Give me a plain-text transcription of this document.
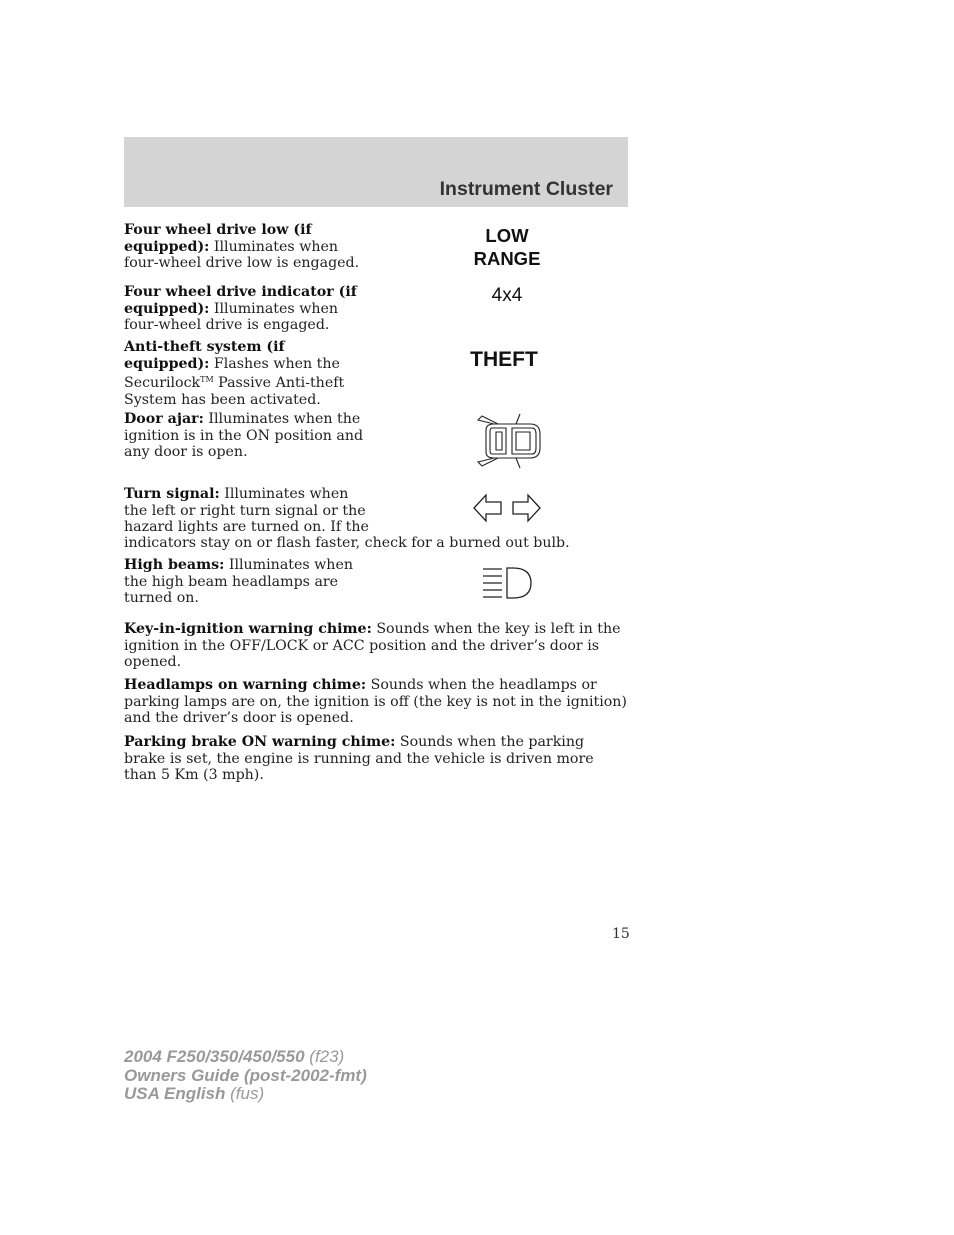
Instrument Cluster
Four wheel drive low (if equipped): Illuminates when four-wheel drive low is engaged.
LOW
RANGE
Four wheel drive indicator (if equipped): Illuminates when four-wheel drive is engaged.
4x4
Anti-theft system (if equipped): Flashes when the Securilock™ Passive Anti-theft System has been activated.
THEFT
Door ajar: Illuminates when the ignition is in the ON position and any door is open.
Turn signal: Illuminates when the left or right turn signal or the hazard lights are turned on. If the
indicators stay on or flash faster, check for a burned out bulb.
High beams: Illuminates when the high beam headlamps are turned on.
Key-in-ignition warning chime: Sounds when the key is left in the ignition in the OFF/LOCK or ACC position and the driver’s door is opened.
Headlamps on warning chime: Sounds when the headlamps or parking lamps are on, the ignition is off (the key is not in the ignition) and the driver’s door is opened.
Parking brake ON warning chime: Sounds when the parking brake is set, the engine is running and the vehicle is driven more than 5 Km (3 mph).
15
2004 F250/350/450/550 (f23)
Owners Guide (post-2002-fmt)
USA English (fus)
